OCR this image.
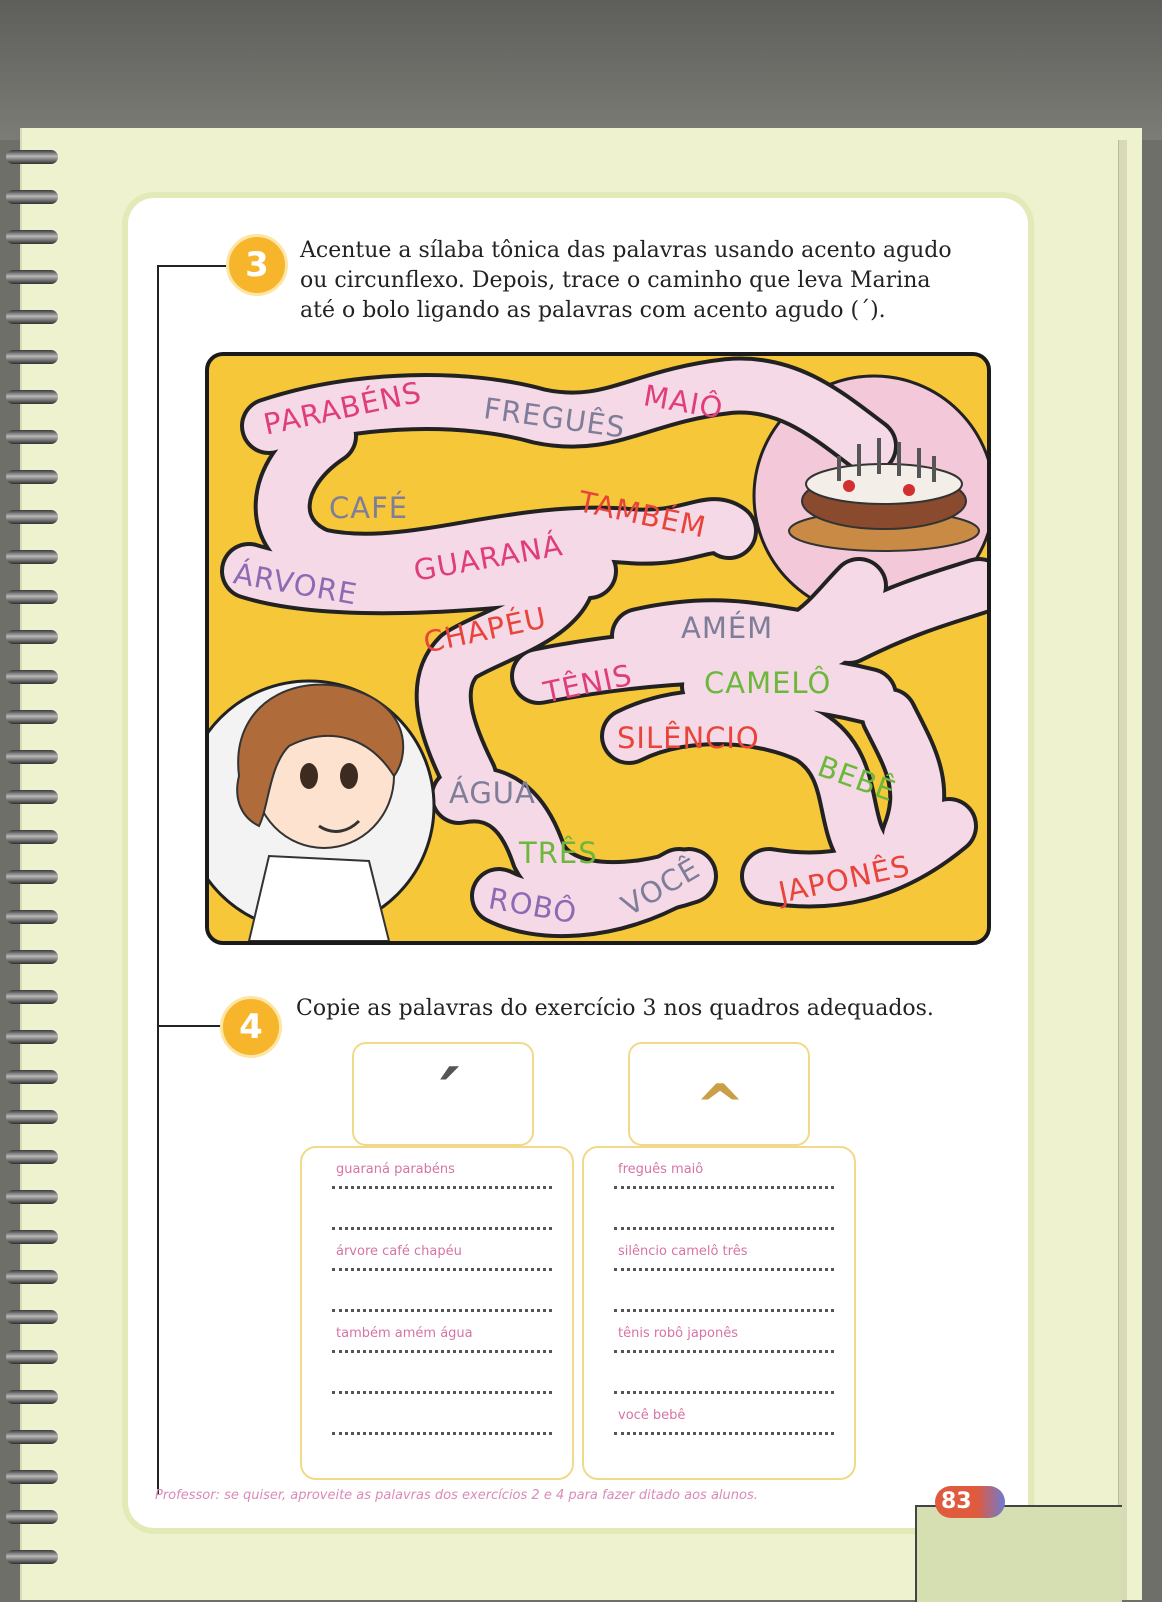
3	Acentue a sílaba tônica das palavras usando acento agudo
ou circunflexo. Depois, trace o caminho que leva Marina
até o bolo ligando as palavras com acento agudo (´).
PARABÉNS FREGUÊS MAIÔ
CAFÉ	TAMBÉM
ÁRVORE GUARANÁ
CHAPÉU	AMÉM
TÊNIS CAMELÔ
SILÊNCIO
BEBÊ
ÁGUA
TRÊS
ROBÔ VOCÊ JAPONÊS
4	Copie as palavras do exercício 3 nos quadros adequados.
´	^
guaraná parabéns
árvore café chapéu
também amém água
freguês maiô
silêncio camelô três
tênis robô japonês
você bebê
Professor: se quiser, aproveite as palavras dos exercícios 2 e 4 para fazer ditado aos alunos.	83
